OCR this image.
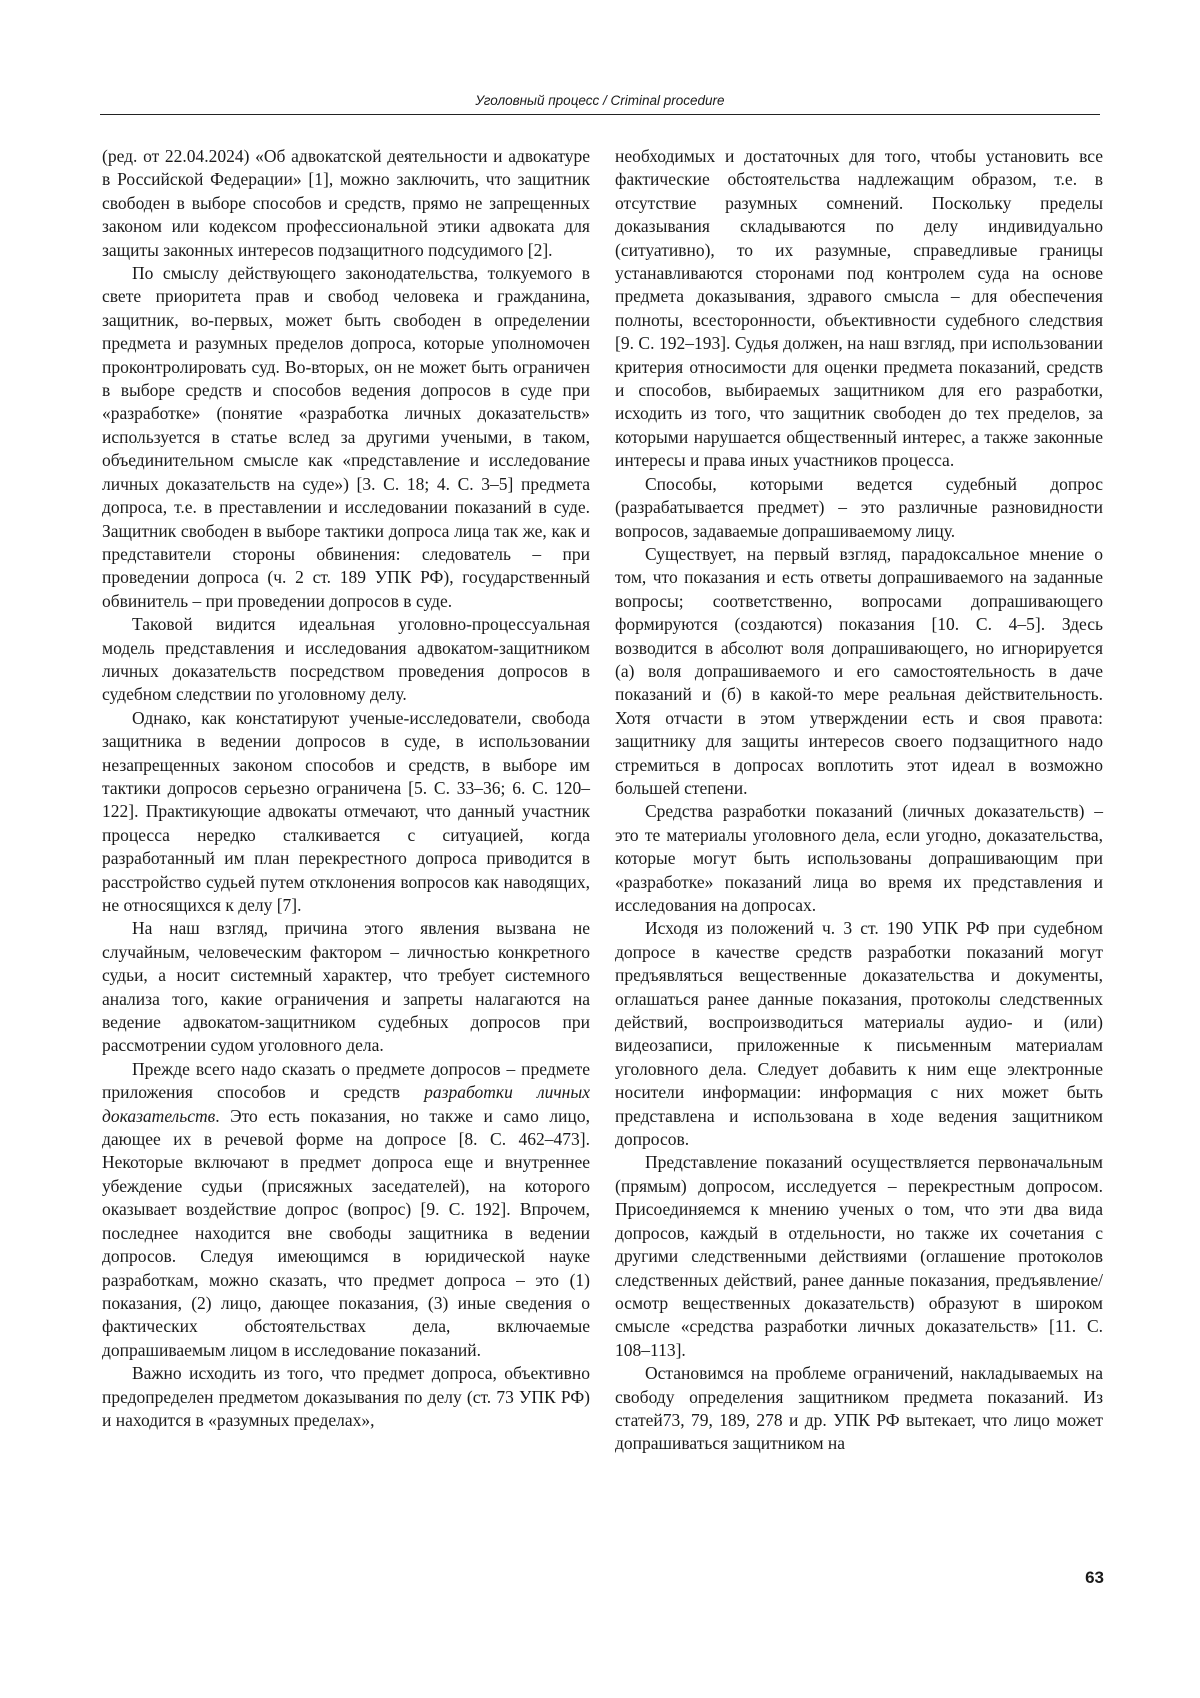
Уголовный процесс / Criminal procedure

(ред. от 22.04.2024) «Об адвокатской деятельности и адвокатуре в Российской Федерации» [1], можно заключить, что защитник свободен в выборе способов и средств, прямо не запрещенных законом или кодексом профессиональной этики адвоката для защиты законных интересов подзащитного подсудимого [2].

По смыслу действующего законодательства, толкуемого в свете приоритета прав и свобод человека и гражданина, защитник, во-первых, может быть свободен в определении предмета и разумных пределов допроса, которые уполномочен проконтролировать суд. Во-вторых, он не может быть ограничен в выборе средств и способов ведения допросов в суде при «разработке» (понятие «разработка личных доказательств» используется в статье вслед за другими учеными, в таком, объединительном смысле как «представление и исследование личных доказательств на суде») [3. С. 18; 4. С. 3–5] предмета допроса, т.е. в преставлении и исследовании показаний в суде. Защитник свободен в выборе тактики допроса лица так же, как и представители стороны обвинения: следователь – при проведении допроса (ч. 2 ст. 189 УПК РФ), государственный обвинитель – при проведении допросов в суде.

Таковой видится идеальная уголовно-процессуальная модель представления и исследования адвокатом-защитником личных доказательств посредством проведения допросов в судебном следствии по уголовному делу.

Однако, как констатируют ученые-исследователи, свобода защитника в ведении допросов в суде, в использовании незапрещенных законом способов и средств, в выборе им тактики допросов серьезно ограничена [5. С. 33–36; 6. С. 120–122]. Практикующие адвокаты отмечают, что данный участник процесса нередко сталкивается с ситуацией, когда разработанный им план перекрестного допроса приводится в расстройство судьей путем отклонения вопросов как наводящих, не относящихся к делу [7].

На наш взгляд, причина этого явления вызвана не случайным, человеческим фактором – личностью конкретного судьи, а носит системный характер, что требует системного анализа того, какие ограничения и запреты налагаются на ведение адвокатом-защитником судебных допросов при рассмотрении судом уголовного дела.

Прежде всего надо сказать о предмете допросов – предмете приложения способов и средств разработки личных доказательств. Это есть показания, но также и само лицо, дающее их в речевой форме на допросе [8. С. 462–473]. Некоторые включают в предмет допроса еще и внутреннее убеждение судьи (присяжных заседателей), на которого оказывает воздействие допрос (вопрос) [9. С. 192]. Впрочем, последнее находится вне свободы защитника в ведении допросов. Следуя имеющимся в юридической науке разработкам, можно сказать, что предмет допроса – это (1) показания, (2) лицо, дающее показания, (3) иные сведения о фактических обстоятельствах дела, включаемые допрашиваемым лицом в исследование показаний.

Важно исходить из того, что предмет допроса, объективно предопределен предметом доказывания по делу (ст. 73 УПК РФ) и находится в «разумных пределах»,

необходимых и достаточных для того, чтобы установить все фактические обстоятельства надлежащим образом, т.е. в отсутствие разумных сомнений. Поскольку пределы доказывания складываются по делу индивидуально (ситуативно), то их разумные, справедливые границы устанавливаются сторонами под контролем суда на основе предмета доказывания, здравого смысла – для обеспечения полноты, всесторонности, объективности судебного следствия [9. С. 192–193]. Судья должен, на наш взгляд, при использовании критерия относимости для оценки предмета показаний, средств и способов, выбираемых защитником для его разработки, исходить из того, что защитник свободен до тех пределов, за которыми нарушается общественный интерес, а также законные интересы и права иных участников процесса.

Способы, которыми ведется судебный допрос (разрабатывается предмет) – это различные разновидности вопросов, задаваемые допрашиваемому лицу.

Существует, на первый взгляд, парадоксальное мнение о том, что показания и есть ответы допрашиваемого на заданные вопросы; соответственно, вопросами допрашивающего формируются (создаются) показания [10. С. 4–5]. Здесь возводится в абсолют воля допрашивающего, но игнорируется (а) воля допрашиваемого и его самостоятельность в даче показаний и (б) в какой-то мере реальная действительность. Хотя отчасти в этом утверждении есть и своя правота: защитнику для защиты интересов своего подзащитного надо стремиться в допросах воплотить этот идеал в возможно большей степени.

Средства разработки показаний (личных доказательств) – это те материалы уголовного дела, если угодно, доказательства, которые могут быть использованы допрашивающим при «разработке» показаний лица во время их представления и исследования на допросах.

Исходя из положений ч. 3 ст. 190 УПК РФ при судебном допросе в качестве средств разработки показаний могут предъявляться вещественные доказательства и документы, оглашаться ранее данные показания, протоколы следственных действий, воспроизводиться материалы аудио- и (или) видеозаписи, приложенные к письменным материалам уголовного дела. Следует добавить к ним еще электронные носители информации: информация с них может быть представлена и использована в ходе ведения защитником допросов.

Представление показаний осуществляется первоначальным (прямым) допросом, исследуется – перекрестным допросом. Присоединяемся к мнению ученых о том, что эти два вида допросов, каждый в отдельности, но также их сочетания с другими следственными действиями (оглашение протоколов следственных действий, ранее данные показания, предъявление/осмотр вещественных доказательств) образуют в широком смысле «средства разработки личных доказательств» [11. С. 108–113].

Остановимся на проблеме ограничений, накладываемых на свободу определения защитником предмета показаний. Из статей73, 79, 189, 278 и др. УПК РФ вытекает, что лицо может допрашиваться защитником на

63
